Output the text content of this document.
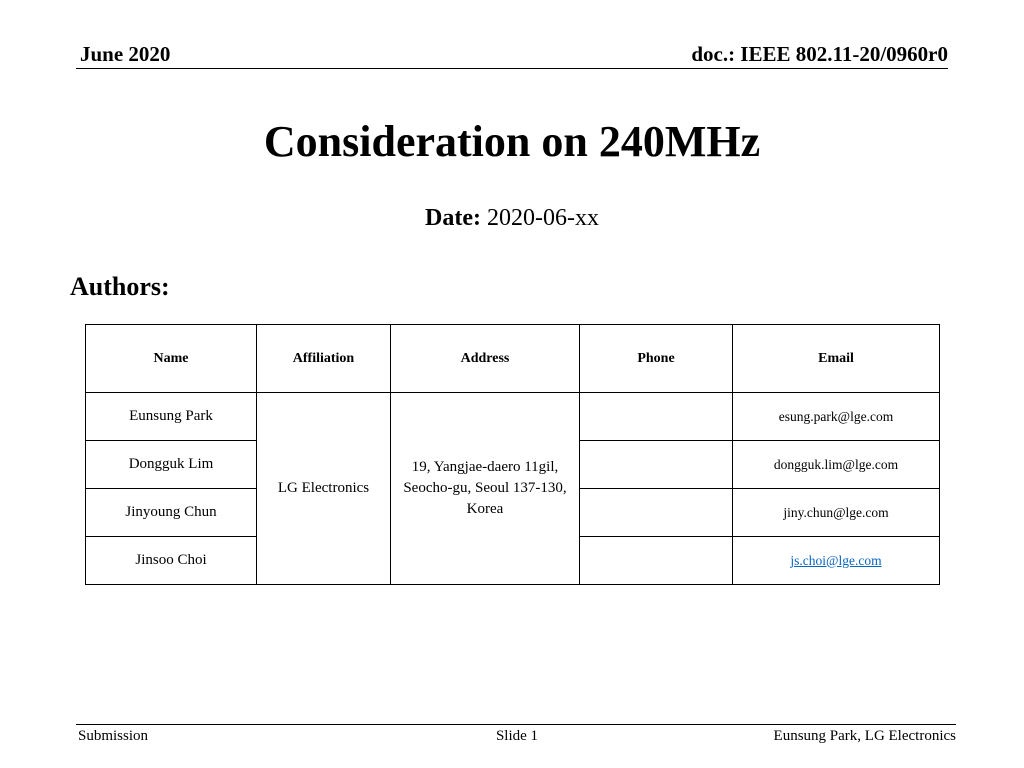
June 2020	doc.: IEEE 802.11-20/0960r0
Consideration on 240MHz
Date: 2020-06-xx
Authors:
Name	Affiliation	Address	Phone	Email
Eunsung Park	LG Electronics	19, Yangjae-daero 11gil, Seocho-gu, Seoul 137-130, Korea		esung.park@lge.com
Dongguk Lim				dongguk.lim@lge.com
Jinyoung Chun				jiny.chun@lge.com
Jinsoo Choi				js.choi@lge.com
Submission	Slide 1	Eunsung Park, LG Electronics
